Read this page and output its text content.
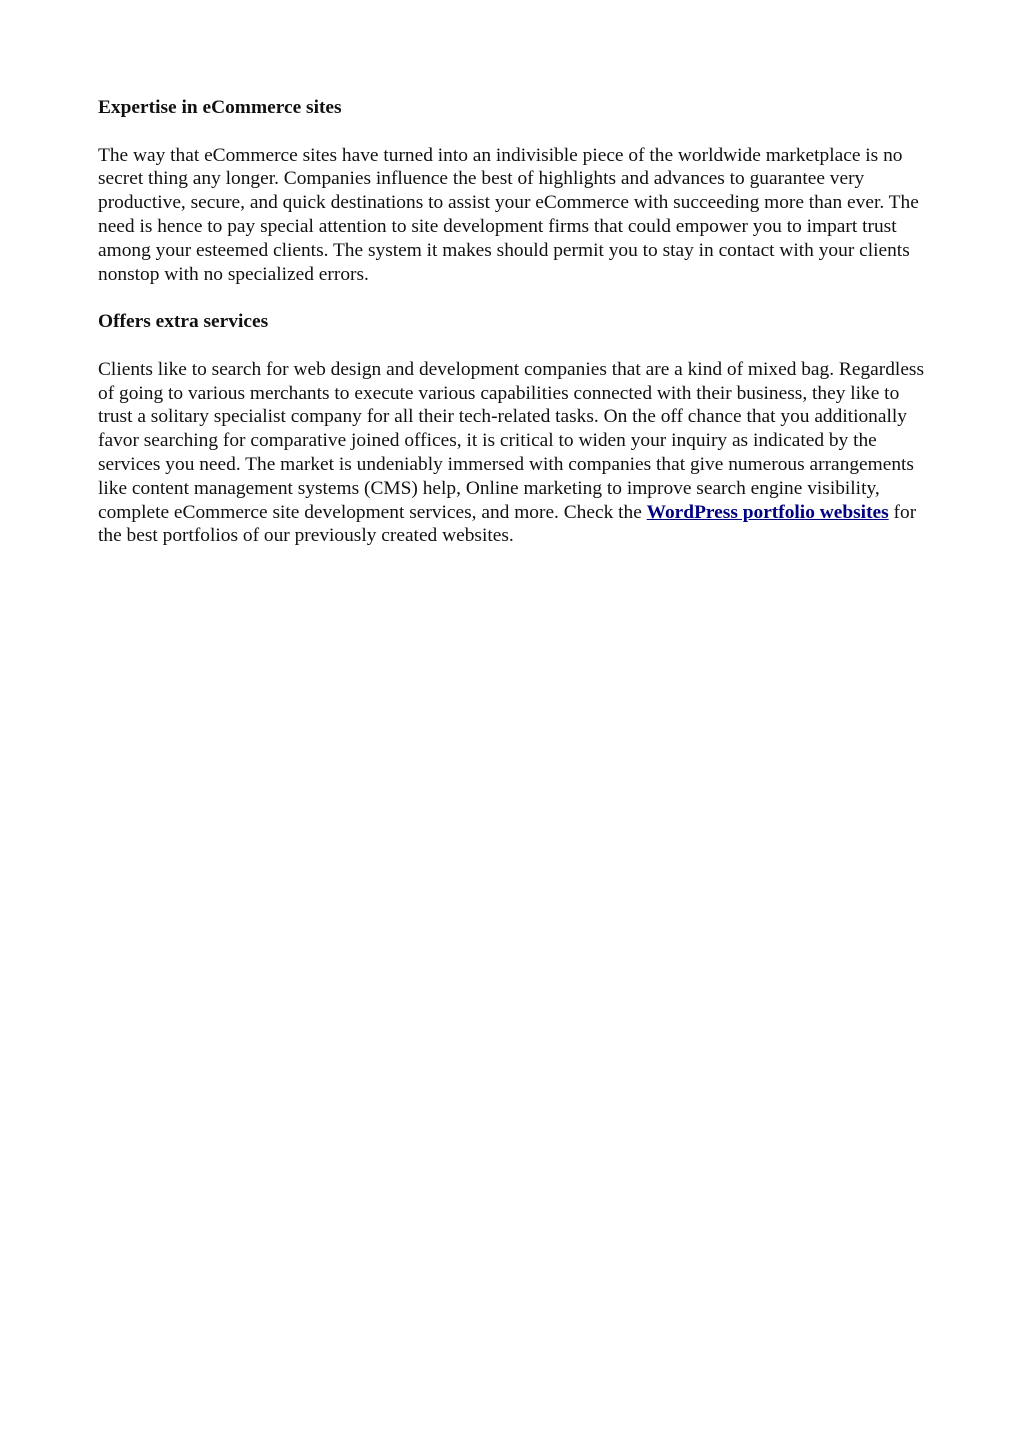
Expertise in eCommerce sites
The way that eCommerce sites have turned into an indivisible piece of the worldwide marketplace is no secret thing any longer. Companies influence the best of highlights and advances to guarantee very productive, secure, and quick destinations to assist your eCommerce with succeeding more than ever. The need is hence to pay special attention to site development firms that could empower you to impart trust among your esteemed clients. The system it makes should permit you to stay in contact with your clients nonstop with no specialized errors.
Offers extra services
Clients like to search for web design and development companies that are a kind of mixed bag. Regardless of going to various merchants to execute various capabilities connected with their business, they like to trust a solitary specialist company for all their tech-related tasks. On the off chance that you additionally favor searching for comparative joined offices, it is critical to widen your inquiry as indicated by the services you need. The market is undeniably immersed with companies that give numerous arrangements like content management systems (CMS) help, Online marketing to improve search engine visibility, complete eCommerce site development services, and more. Check the WordPress portfolio websites for the best portfolios of our previously created websites.
